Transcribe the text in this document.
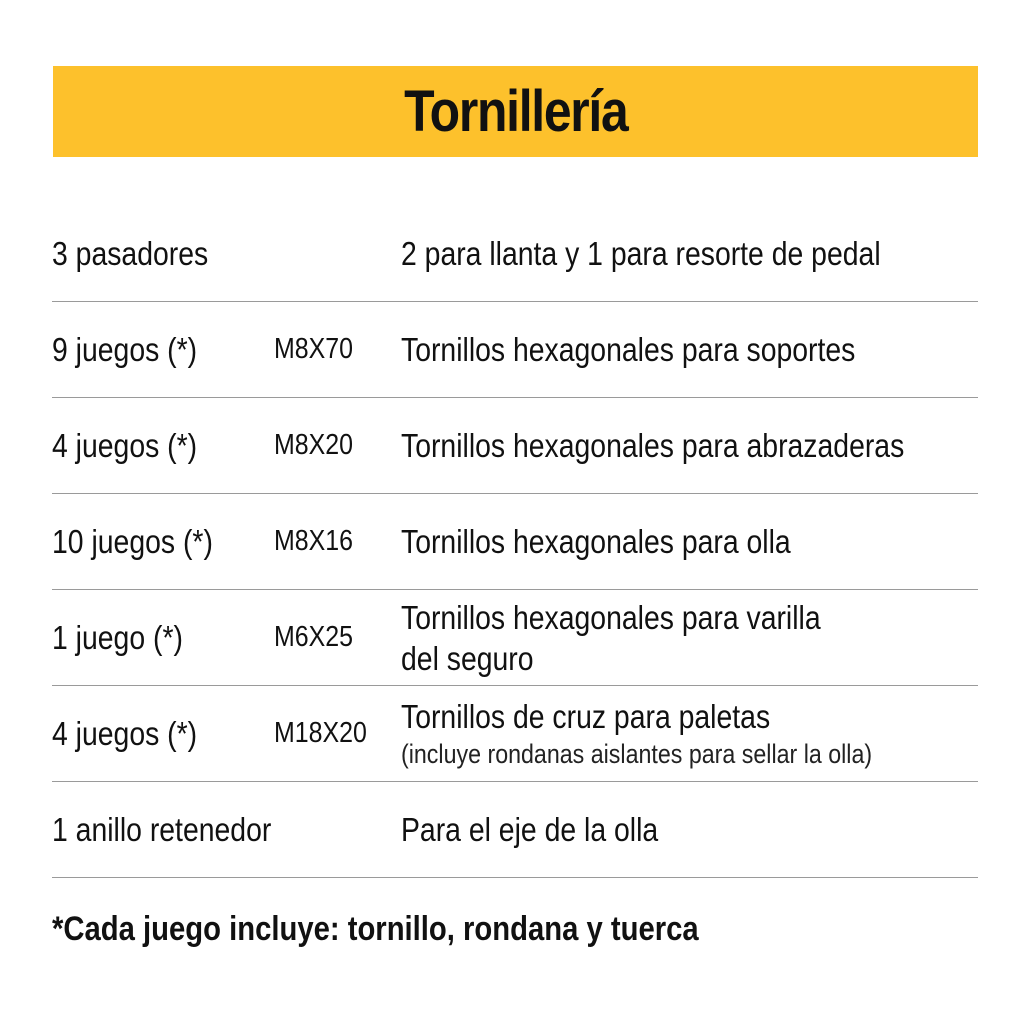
Tornillería
3 pasadores	2 para llanta y 1 para resorte de pedal
9 juegos (*)	M8X70 Tornillos hexagonales para soportes
4 juegos (*)	M8X20 Tornillos hexagonales para abrazaderas
10 juegos (*) M8X16 Tornillos hexagonales para olla
1 juego (*)	M6X25
Tornillos hexagonales para varilla
del seguro
4 juegos (*)	M18X20 Tornillos de cruz para paletas
(incluye rondanas aislantes para sellar la olla)
1 anillo retenedor	Para el eje de la olla
*Cada juego incluye: tornillo, rondana y tuerca
